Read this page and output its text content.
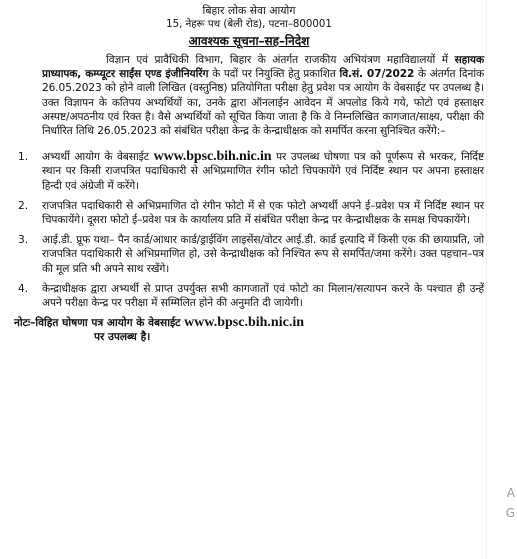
बिहार लोक सेवा आयोग
15, नेहरू पथ (बेली रोड), पटना–800001
आवश्यक सूचना–सह–निदेश

विज्ञान एवं प्रावैधिकी विभाग, बिहार के अंतर्गत राजकीय अभियंत्रण महाविद्यालयों में सहायक प्राध्यापक, कम्प्यूटर साईंस एण्ड इंजीनियरिंग के पदों पर नियुक्ति हेतु प्रकाशित वि.सं. 07/2022 के अंतर्गत दिनांक 26.05.2023 को होने वाली लिखित (वस्तुनिष्ठ) प्रतियोगिता परीक्षा हेतु प्रवेश पत्र आयोग के वेबसाईट पर उपलब्ध है। उक्त विज्ञापन के कतिपय अभ्यर्थियों का, उनके द्वारा ऑनलाईन आवेदन में अपलोड किये गये, फोटो एवं हस्ताक्षर अस्पष्ट/अपठनीय एवं रिक्त है। वैसे अभ्यर्थियों को सूचित किया जाता है कि वे निम्नलिखित कागजात/साक्ष्य, परीक्षा की निर्धारित तिथि 26.05.2023 को संबंधित परीक्षा केन्द्र के केन्द्राधीक्षक को समर्पित करना सुनिश्चित करेंगे:–

1.	अभ्यर्थी आयोग के वेबसाईट www.bpsc.bih.nic.in पर उपलब्ध घोषणा पत्र को पूर्णरूप से भरकर, निर्दिष्ट स्थान पर किसी राजपत्रित पदाधिकारी से अभिप्रमाणित रंगीन फोटो चिपकायेंगे एवं निर्दिष्ट स्थान पर अपना हस्ताक्षर हिन्दी एवं अंग्रेजी में करेंगे।
2.	राजपत्रित पदाधिकारी से अभिप्रमाणित दो रंगीन फोटो में से एक फोटो अभ्यर्थी अपने ई–प्रवेश पत्र में निर्दिष्ट स्थान पर चिपकायेंगे। दूसरा फोटो ई–प्रवेश पत्र के कार्यालय प्रति में संबंधित परीक्षा केन्द्र पर केन्द्राधीक्षक के समक्ष चिपकायेंगे।
3.	आई.डी. प्रूफ यथा– पैन कार्ड/आधार कार्ड/ड्राईविंग लाइसेंस/वोटर आई.डी. कार्ड इत्यादि में किसी एक की छायाप्रति, जो राजपत्रित पदाधिकारी से अभिप्रमाणित हो, उसे केन्द्राधीक्षक को निश्चित रूप से समर्पित/जमा करेंगे। उक्त पहचान–पत्र की मूल प्रति भी अपने साथ रखेंगे।
4.	केन्द्राधीक्षक द्वारा अभ्यर्थी से प्राप्त उपर्युक्त सभी कागजातों एवं फोटो का मिलान/सत्यापन करने के पश्चात ही उन्हें अपने परीक्षा केन्द्र पर परीक्षा में सम्मिलित होने की अनुमति दी जायेगी।
नोटः– विहित घोषणा पत्र आयोग के वेबसाईट www.bpsc.bih.nic.in
पर उपलब्ध है।
A
G
